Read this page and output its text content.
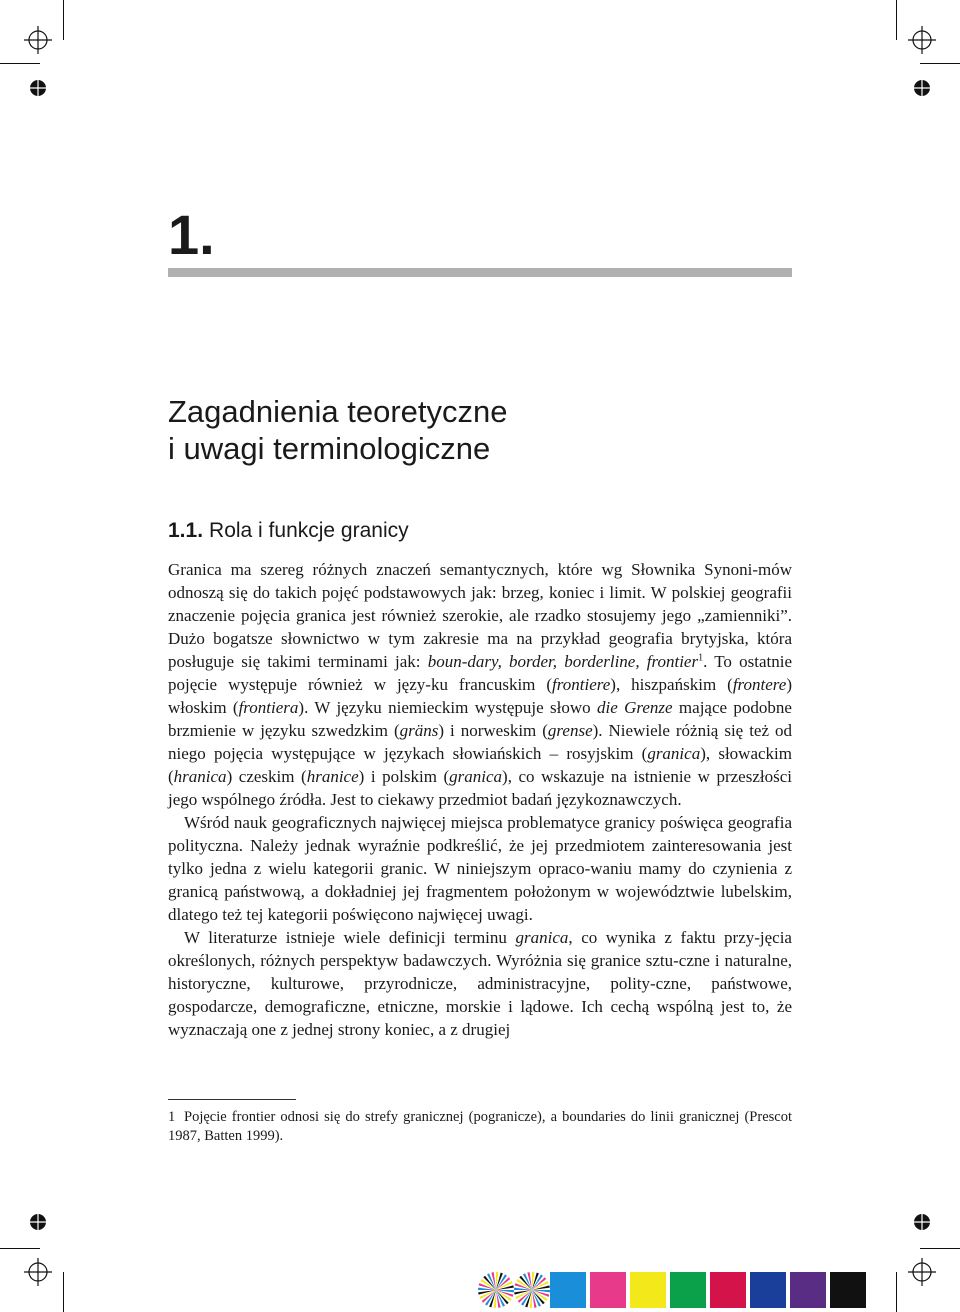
1.
Zagadnienia teoretyczne
i uwagi terminologiczne
1.1. Rola i funkcje granicy

Granica ma szereg różnych znaczeń semantycznych, które wg Słownika Synoni-mów odnoszą się do takich pojęć podstawowych jak: brzeg, koniec i limit. W polskiej geografii znaczenie pojęcia granica jest również szerokie, ale rzadko stosujemy jego „zamienniki”. Dużo bogatsze słownictwo w tym zakresie ma na przykład geografia brytyjska, która posługuje się takimi terminami jak: boun-dary, border, borderline, frontier$^1$. To ostatnie pojęcie występuje również w języ-ku francuskim (frontiere), hiszpańskim (frontere) włoskim (frontiera). W języku niemieckim występuje słowo die Grenze mające podobne brzmienie w języku szwedzkim (gräns) i norweskim (grense). Niewiele różnią się też od niego pojęcia występujące w językach słowiańskich – rosyjskim (granica), słowackim (hranica) czeskim (hranice) i polskim (granica), co wskazuje na istnienie w przeszłości jego wspólnego źródła. Jest to ciekawy przedmiot badań językoznawczych.

Wśród nauk geograficznych najwięcej miejsca problematyce granicy poświęca geografia polityczna. Należy jednak wyraźnie podkreślić, że jej przedmiotem zainteresowania jest tylko jedna z wielu kategorii granic. W niniejszym opraco-waniu mamy do czynienia z granicą państwową, a dokładniej jej fragmentem położonym w województwie lubelskim, dlatego też tej kategorii poświęcono najwięcej uwagi.

W literaturze istnieje wiele definicji terminu granica, co wynika z faktu przy-jęcia określonych, różnych perspektyw badawczych. Wyróżnia się granice sztu-czne i naturalne, historyczne, kulturowe, przyrodnicze, administracyjne, polity-czne, państwowe, gospodarcze, demograficzne, etniczne, morskie i lądowe. Ich cechą wspólną jest to, że wyznaczają one z jednej strony koniec, a z drugiej

1 Pojęcie frontier odnosi się do strefy granicznej (pogranicze), a boundaries do linii granicznej (Prescot 1987, Batten 1999).
